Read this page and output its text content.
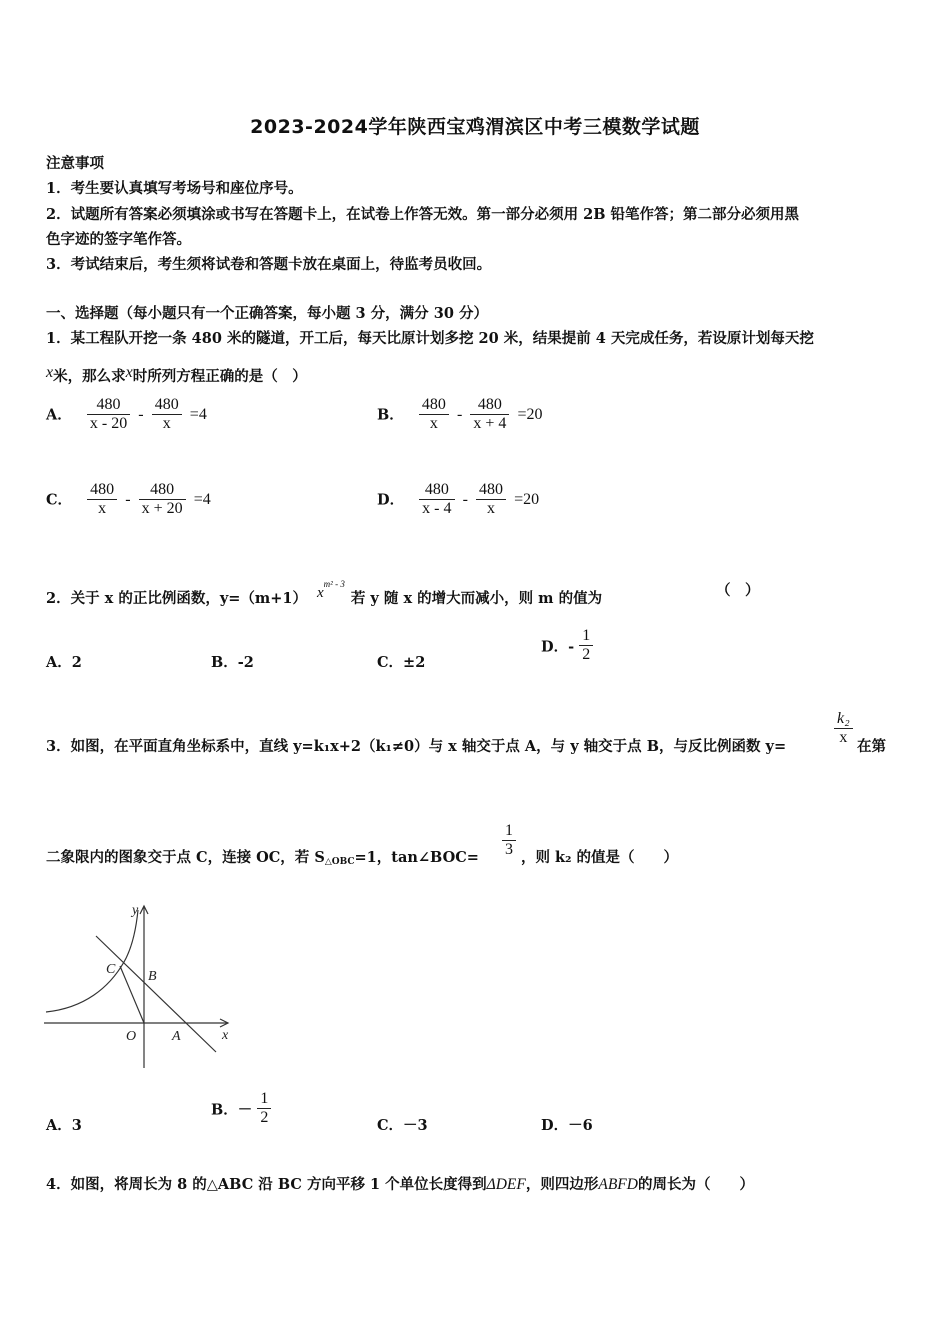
2023-2024学年陕西宝鸡渭滨区中考三模数学试题
注意事项
1．考生要认真填写考场号和座位序号。
2．试题所有答案必须填涂或书写在答题卡上，在试卷上作答无效。第一部分必须用 2B 铅笔作答；第二部分必须用黑
色字迹的签字笔作答。
3．考试结束后，考生须将试卷和答题卡放在桌面上，待监考员收回。
一、选择题（每小题只有一个正确答案，每小题 3 分，满分 30 分）
1．某工程队开挖一条 480 米的隧道，开工后，每天比原计划多挖 20 米，结果提前 4 天完成任务，若设原计划每天挖
x米，那么求x时所列方程正确的是（　）
A． $\frac{480}{x - 20} - \frac{480}{x} =4$	B． $\frac{480}{x} - \frac{480}{x + 4} =20$
C． $\frac{480}{x} - \frac{480}{x + 20} =4$	D． $\frac{480}{x - 4} - \frac{480}{x} =20$
2．关于 x 的正比例函数，y=（m+1） $x^{m^2 - 3}$若 y 随 x 的增大而减小，则 m 的值为	（　）
A．2	B．-2	C．±2
D．- $\frac{1}{2}$
3．如图，在平面直角坐标系中，直线 y=k₁x+2（k₁≠0）与 x 轴交于点 A，与 y 轴交于点 B，与反比例函数 y=	$\frac{\text{k₂}}{x}$ 在第
二象限内的图象交于点 C，连接 OC，若 $S_{\triangle OBC}=1$，tan∠BOC= $\frac{1}{3}$ ，则 k₂ 的值是（　　）
y
x
C B
O	A
A．3
B．－ $\frac{1}{2}$	C．－3	D．－6
4．如图，将周长为 8 的△ABC 沿 BC 方向平移 1 个单位长度得到ΔDEF，则四边形ABFD的周长为（　　）
